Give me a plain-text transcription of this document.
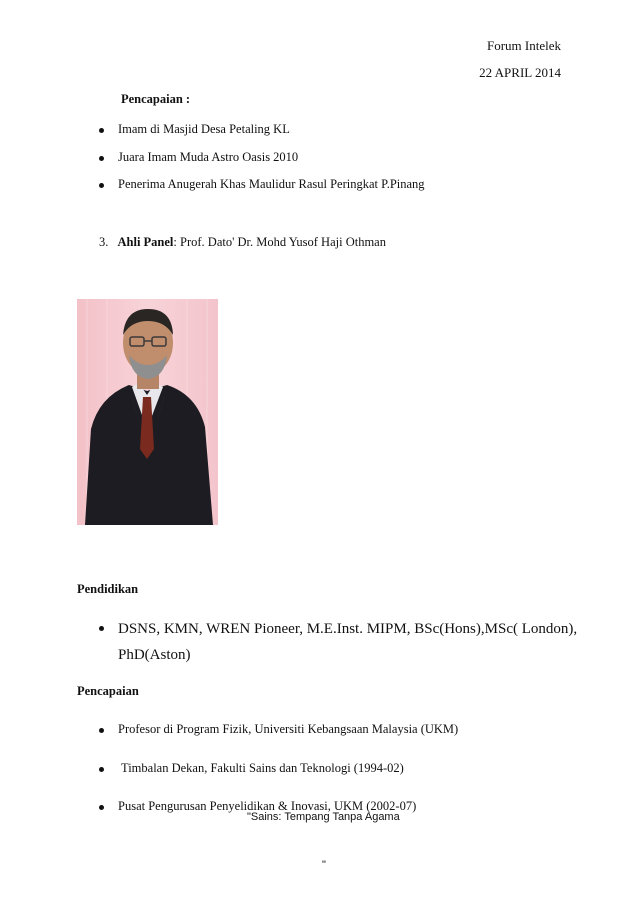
Forum Intelek
22 APRIL 2014
Pencapaian :
Imam di Masjid Desa Petaling KL
Juara Imam Muda Astro Oasis 2010
Penerima Anugerah Khas Maulidur Rasul Peringkat P.Pinang
3. Ahli Panel: Prof. Dato' Dr. Mohd Yusof Haji Othman
Pendidikan
DSNS, KMN, WREN Pioneer, M.E.Inst. MIPM, BSc(Hons),MSc( London),
PhD(Aston)
Pencapaian
Profesor di Program Fizik, Universiti Kebangsaan Malaysia (UKM)
Timbalan Dekan, Fakulti Sains dan Teknologi (1994-02)
Pusat Pengurusan Penyelidikan & Inovasi, UKM (2002-07)
"Sains: Tempang Tanpa Agama
"
